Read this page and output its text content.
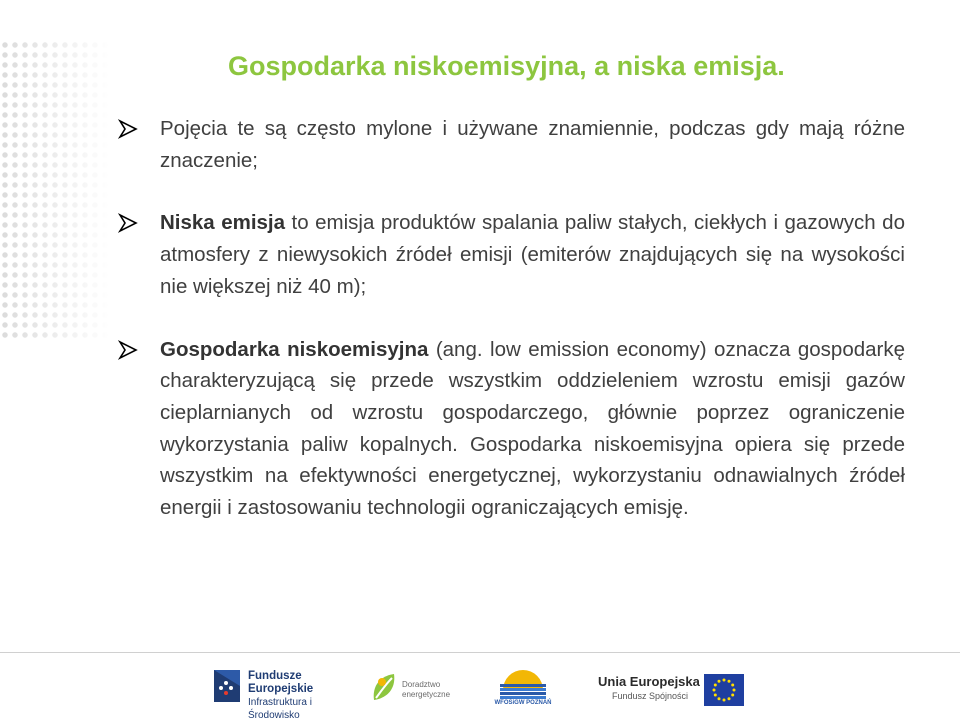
Gospodarka niskoemisyjna, a niska emisja.
Pojęcia te są często mylone i używane znamiennie, podczas gdy mają różne znaczenie;
Niska emisja to emisja produktów spalania paliw stałych, ciekłych i gazowych do atmosfery z niewysokich źródeł emisji (emiterów znajdujących się na wysokości nie większej niż 40 m);
Gospodarka niskoemisyjna (ang. low emission economy) oznacza gospodarkę charakteryzującą się przede wszystkim oddzieleniem wzrostu emisji gazów cieplarnianych od wzrostu gospodarczego, głównie poprzez ograniczenie wykorzystania paliw kopalnych. Gospodarka niskoemisyjna opiera się przede wszystkim na efektywności energetycznej, wykorzystaniu odnawialnych źródeł energii i zastosowaniu technologii ograniczających emisję.
Fundusze
Europejskie
Infrastruktura i Środowisko
Doradztwo
energetyczne
WFOŚiGW POZNAŃ
Unia Europejska
Fundusz Spójności
